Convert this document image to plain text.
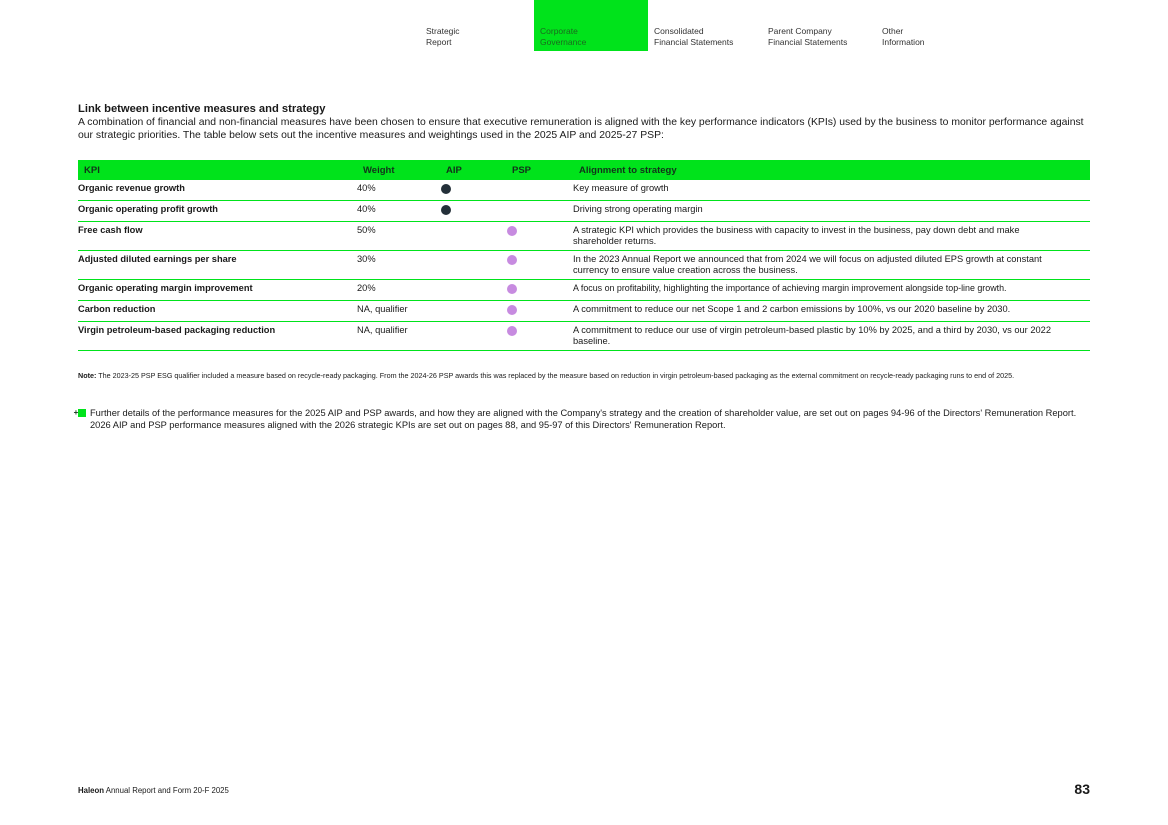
Strategic
Report
Corporate
Governance
Consolidated
Financial Statements
Parent Company
Financial Statements
Other
Information
Link between incentive measures and strategy

A combination of financial and non-financial measures have been chosen to ensure that executive remuneration is aligned with the key performance indicators (KPIs) used by the business to monitor performance against our strategic priorities. The table below sets out the incentive measures and weightings used in the 2025 AIP and 2025-27 PSP:

KPI	Weight	AIP	PSP	Alignment to strategy
Organic revenue growth	40%			Key measure of growth
Organic operating profit growth	40%			Driving strong operating margin
Free cash flow	50%			A strategic KPI which provides the business with capacity to invest in the business, pay down debt and make shareholder returns.
Adjusted diluted earnings per share	30%			In the 2023 Annual Report we announced that from 2024 we will focus on adjusted diluted EPS growth at constant currency to ensure value creation across the business.
Organic operating margin improvement	20%			A focus on profitability, highlighting the importance of achieving margin improvement alongside top-line growth.
Carbon reduction	NA, qualifier			A commitment to reduce our net Scope 1 and 2 carbon emissions by 100%, vs our 2020 baseline by 2030.
Virgin petroleum-based packaging reduction	NA, qualifier			A commitment to reduce our use of virgin petroleum-based plastic by 10% by 2025, and a third by 2030, vs our 2022 baseline.
Note: The 2023-25 PSP ESG qualifier included a measure based on recycle-ready packaging. From the 2024-26 PSP awards this was replaced by the measure based on reduction in virgin petroleum-based packaging as the external commitment on recycle-ready packaging runs to end of 2025.
+ Further details of the performance measures for the 2025 AIP and PSP awards, and how they are aligned with the Company's strategy and the creation of shareholder value, are set out on pages 94-96 of the Directors' Remuneration Report. 2026 AIP and PSP performance measures aligned with the 2026 strategic KPIs are set out on pages 88, and 95-97 of this Directors' Remuneration Report.
Haleon Annual Report and Form 20-F 2025	83
